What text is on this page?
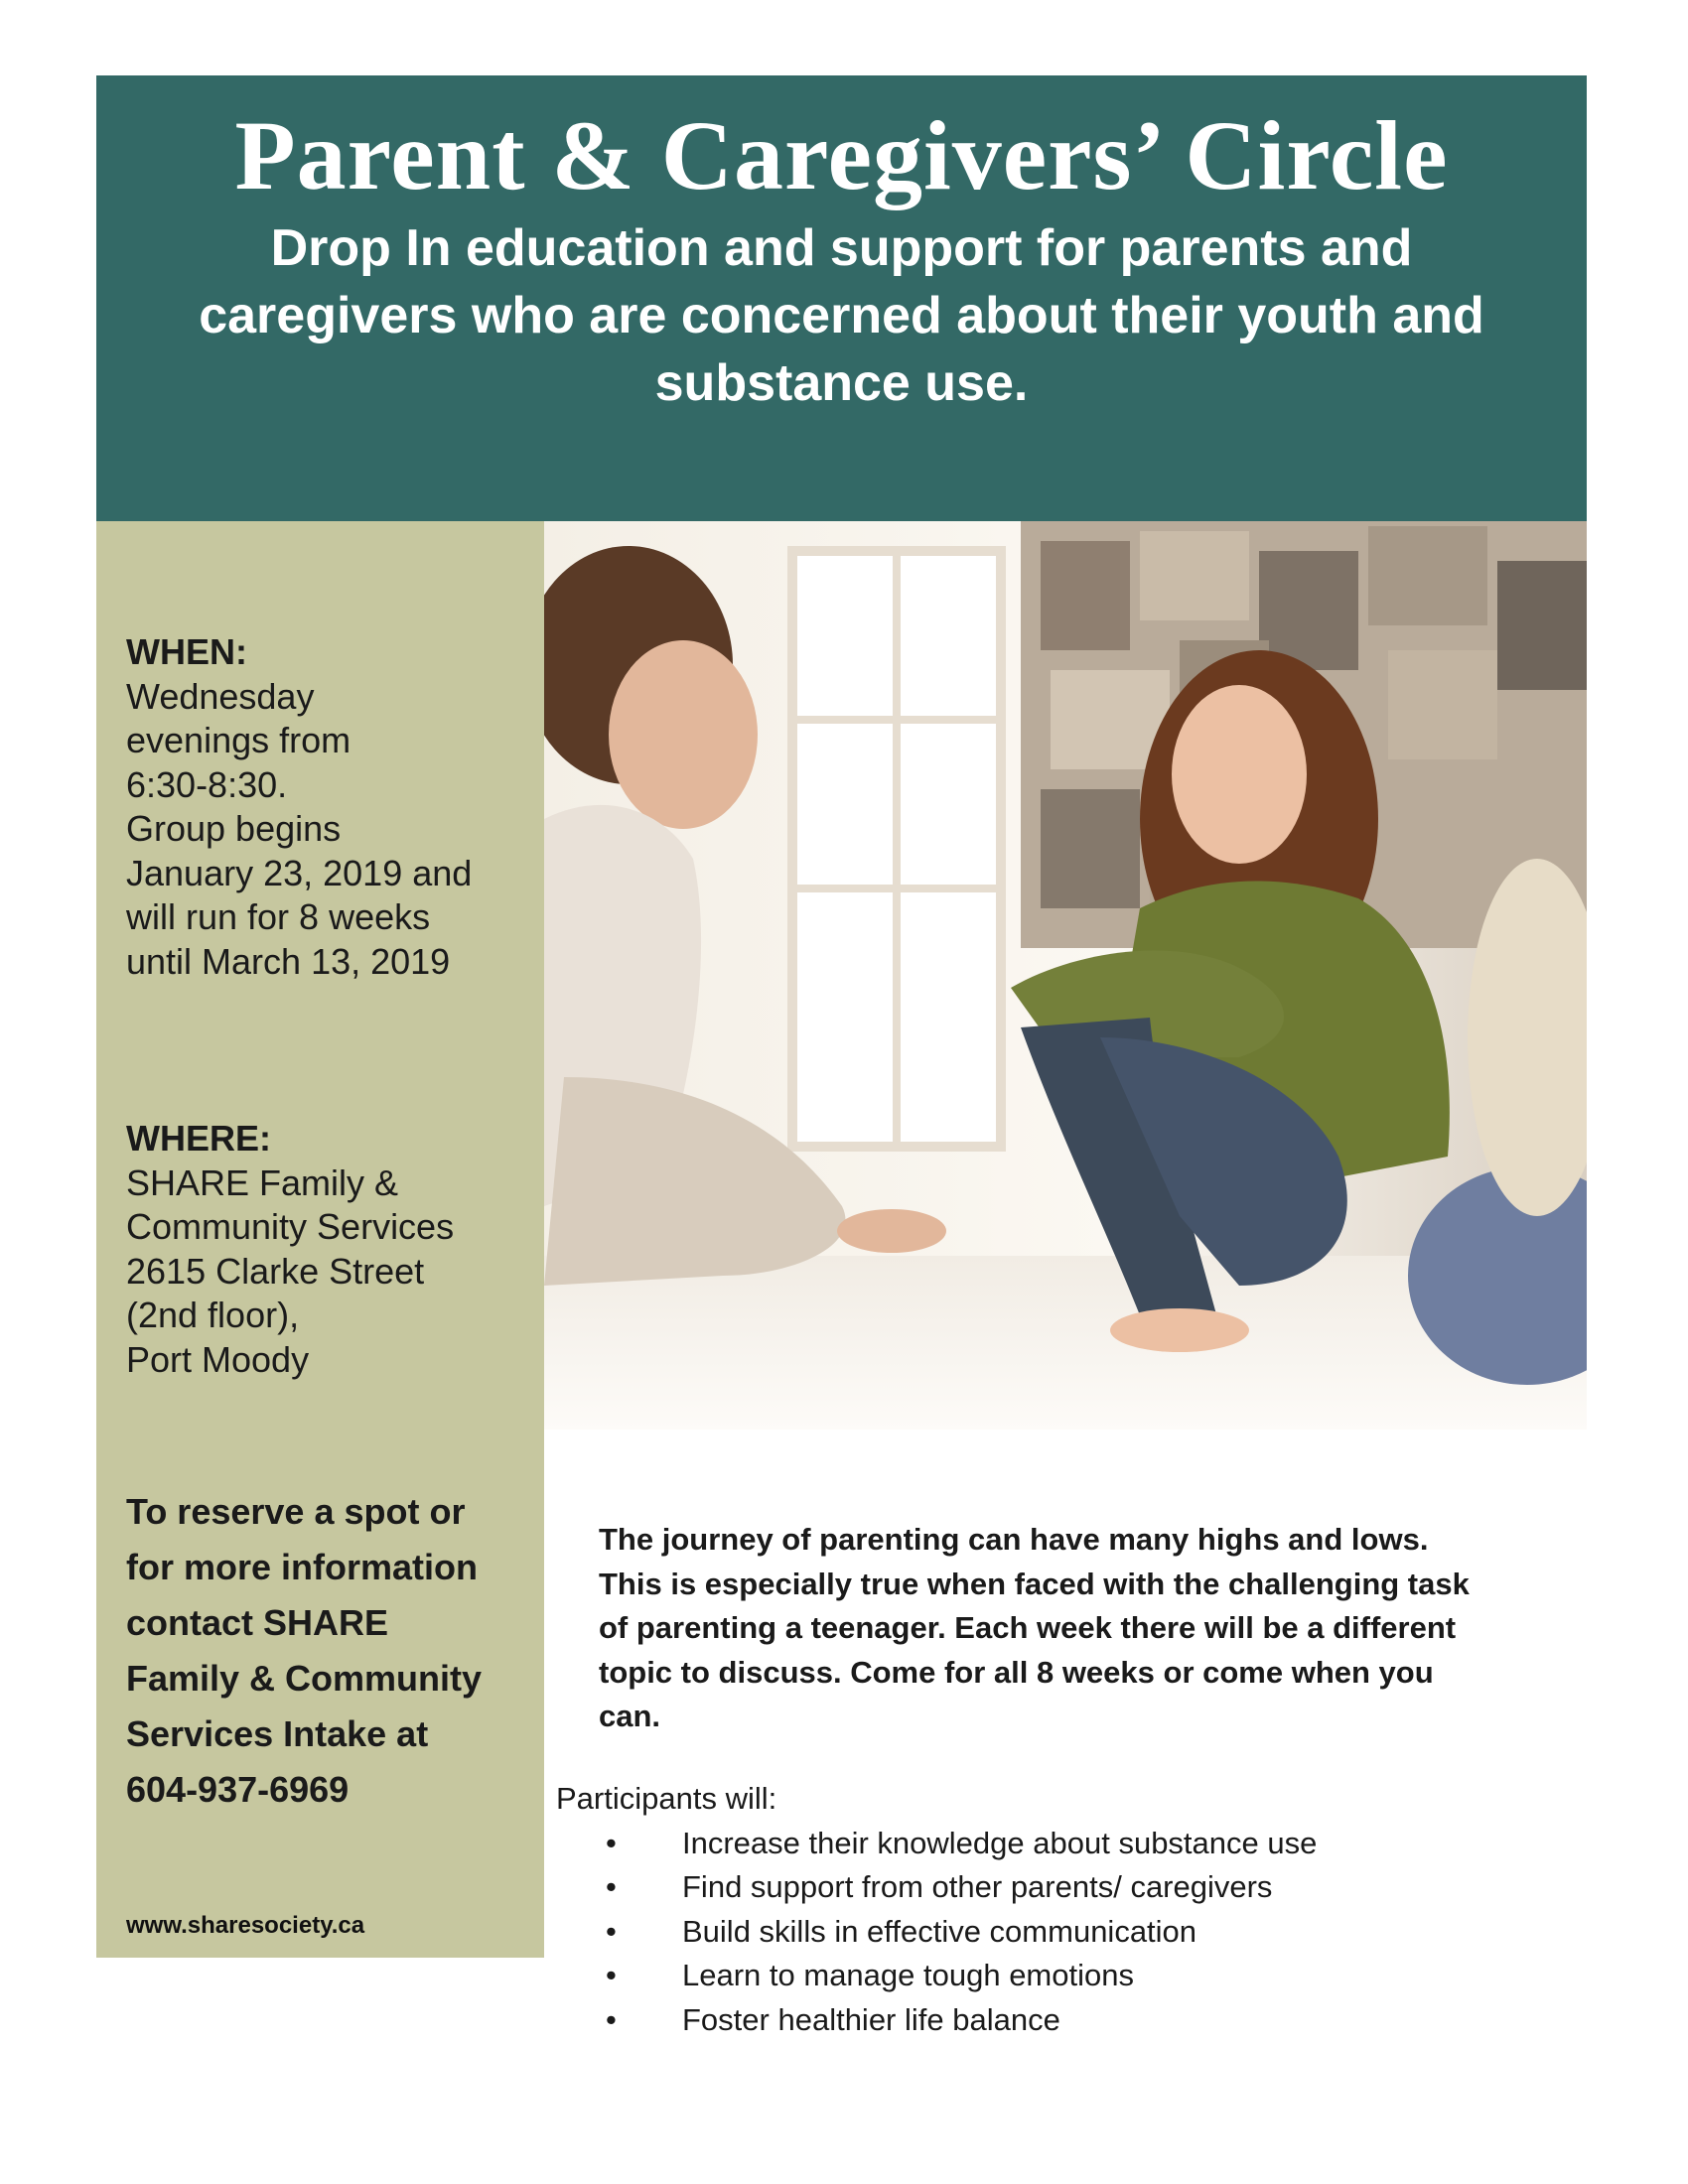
Parent & Caregivers’ Circle
Drop In education and support for parents and caregivers who are concerned about their youth and substance use.
WHEN:
Wednesday
evenings from
6:30-8:30.
Group begins
January 23, 2019 and
will run for 8 weeks
until March 13, 2019
WHERE:
SHARE Family &
Community Services
2615 Clarke Street
(2nd floor),
Port Moody
To reserve a spot or
for more information
contact SHARE
Family & Community
Services Intake at
604-937-6969
www.sharesociety.ca
The journey of parenting can have many highs and lows.
This is especially true when faced with the challenging task
of parenting a teenager. Each week there will be a different
topic to discuss. Come for all 8 weeks or come when you
can.
Participants will:
• Increase their knowledge about substance use
• Find support from other parents/ caregivers
• Build skills in effective communication
• Learn to manage tough emotions
• Foster healthier life balance
